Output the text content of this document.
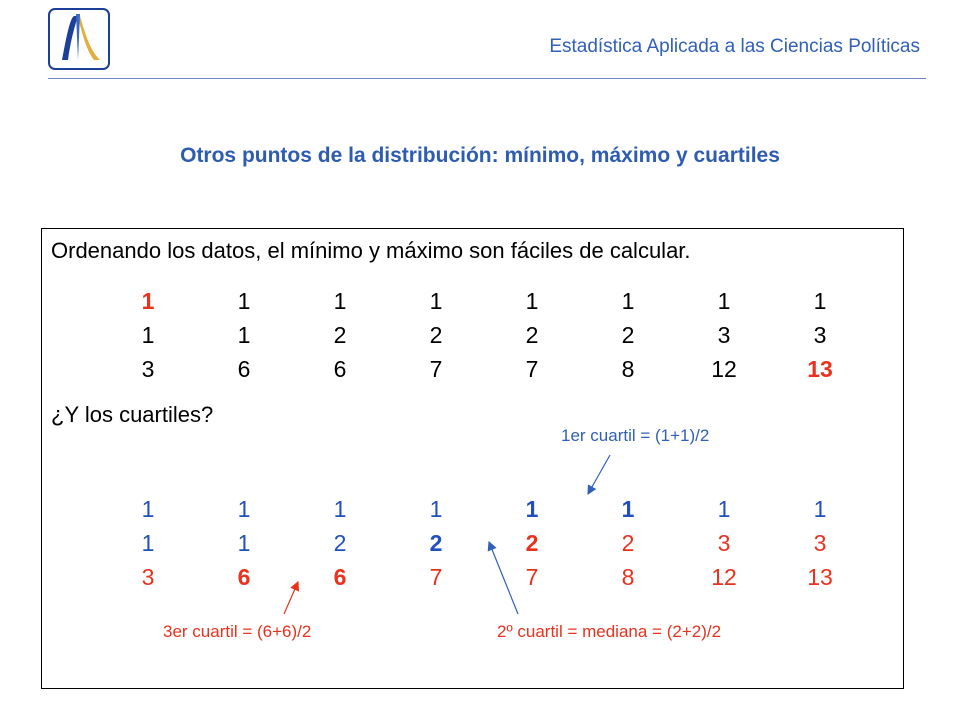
Estadística Aplicada a las Ciencias Políticas
Otros puntos de la distribución: mínimo, máximo y cuartiles
Ordenando los datos, el mínimo y máximo son fáciles de calcular.
1	1	1	1	1	1	1	1
1	1	2	2	2	2	3	3
3	6	6	7	7	8	12	13
¿Y los cuartiles?
1er cuartil = (1+1)/2
1	1	1	1	1	1	1	1
1	1	2	2	2	2	3	3
3	6	6	7	7	8	12	13
3er cuartil = (6+6)/2	2º cuartil = mediana = (2+2)/2
